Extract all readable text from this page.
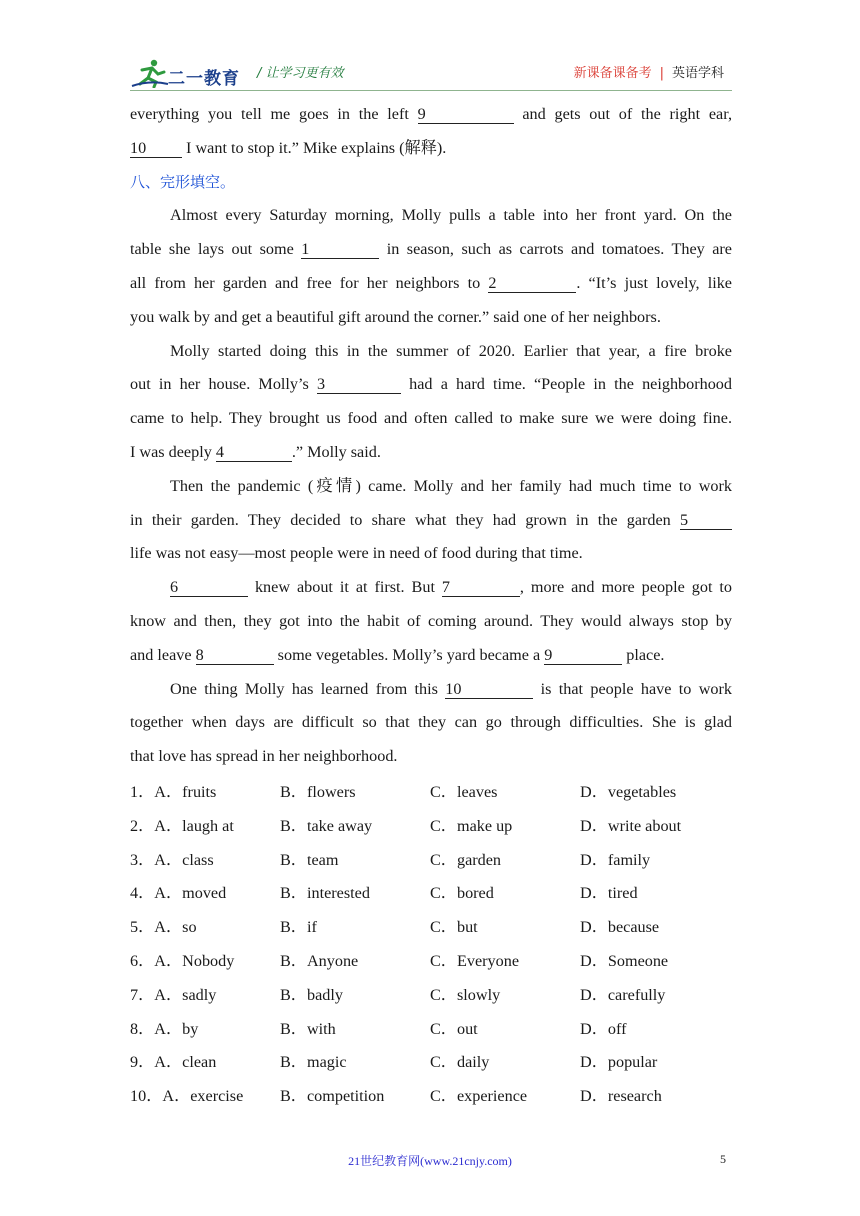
二一教育 / 让学习更有效	新课备课备考 | 英语学科
everything you tell me goes in the left 9	and gets out of the right ear,
10 I want to stop it.” Mike explains (解释).
八、完形填空。
Almost every Saturday morning, Molly pulls a table into her front yard. On the
table she lays out some 1	in season, such as carrots and tomatoes. They are
all from her garden and free for her neighbors to 2	. “It’s just lovely, like
you walk by and get a beautiful gift around the corner.” said one of her neighbors.
Molly started doing this in the summer of 2020. Earlier that year, a fire broke
out in her house. Molly’s 3	had a hard time. “People in the neighborhood
came to help. They brought us food and often called to make sure we were doing fine.
I was deeply 4	.” Molly said.
Then the pandemic (疫情) came. Molly and her family had much time to work
in their garden. They decided to share what they had grown in the garden 5
life was not easy—most people were in need of food during that time.
6	knew about it at first. But 7	, more and more people got to
know and then, they got into the habit of coming around. They would always stop by
and leave 8	some vegetables. Molly’s yard became a 9	place.
One thing Molly has learned from this 10	is that people have to work
together when days are difficult so that they can go through difficulties. She is glad
that love has spread in her neighborhood.
1．A．fruits	B．flowers	C．leaves	D．vegetables
2．A．laugh at	B．take away	C．make up	D．write about
3．A．class	B．team	C．garden	D．family
4．A．moved	B．interested	C．bored	D．tired
5．A．so	B．if	C．but	D．because
6．A．Nobody	B．Anyone	C．Everyone	D．Someone
7．A．sadly	B．badly	C．slowly	D．carefully
8．A．by	B．with	C．out	D．off
9．A．clean	B．magic	C．daily	D．popular
10．A．exercise B．competition	C．experience	D．research
21世纪教育网(www.21cnjy.com)	5
